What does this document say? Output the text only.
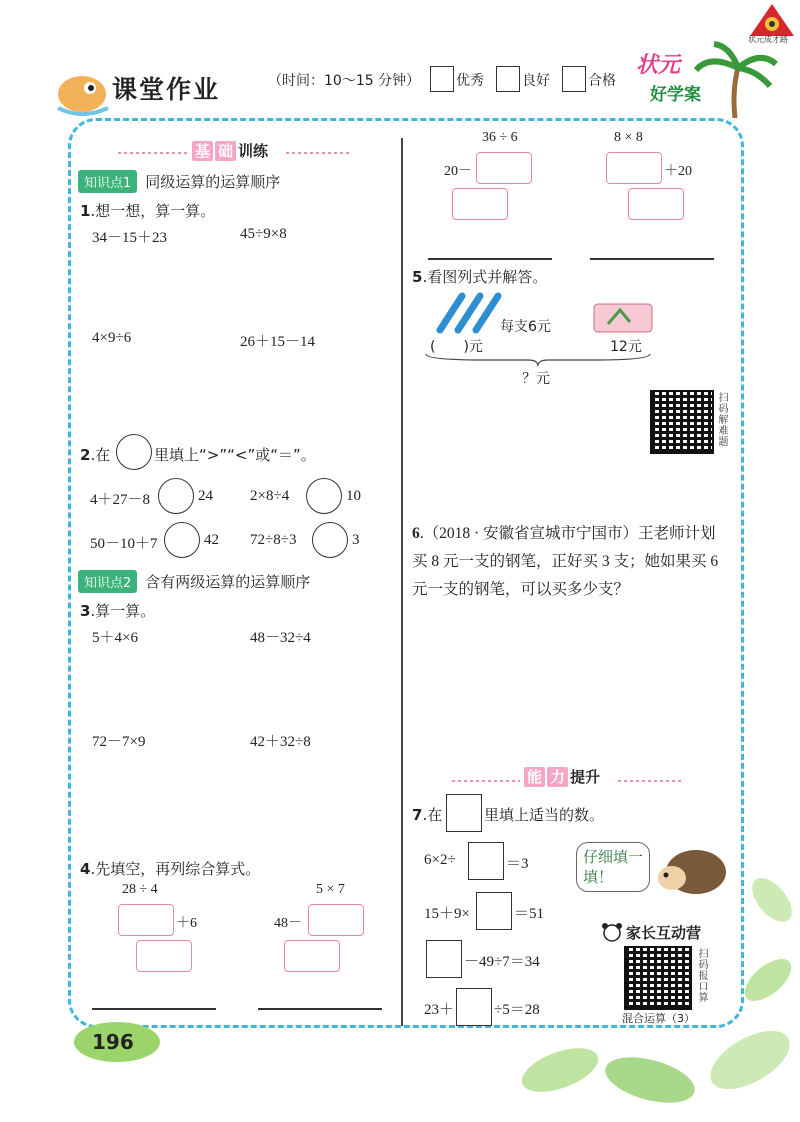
状元成才路
课堂作业	（时间：10～15 分钟）	优秀	良好	合格
状元
好学案
基 础 训练
知识点1 同级运算的运算顺序
1.想一想，算一算。
34－15＋23	45÷9×8
4×9÷6	26＋15－14
2.在	里填上“>”“<”或“＝”。
4＋27－8	24 2×8÷4	10
50－10＋7	42 72÷8÷3	3
知识点2 含有两级运算的运算顺序
3.算一算。
5＋4×6	48－32÷4
72－7×9	42＋32÷8
4.先填空，再列综合算式。
28 ÷ 4
＋6
5 × 7
48－
36 ÷ 6
20－
8 × 8
＋20
5.看图列式并解答。
每支6元
(　　)元	12元
？元
扫码解难题
6.（2018 · 安徽省宣城市宁国市）王老师计划买 8 元一支的钢笔，正好买 3 支；她如果买 6 元一支的钢笔，可以买多少支？
能 力 提升
7.在	里填上适当的数。
6×2÷	＝3
15＋9×	＝51
－49÷7＝34
23＋	÷5＝28
仔细填一填！
家长互动营
扫码报口算
混合运算（3）
196
